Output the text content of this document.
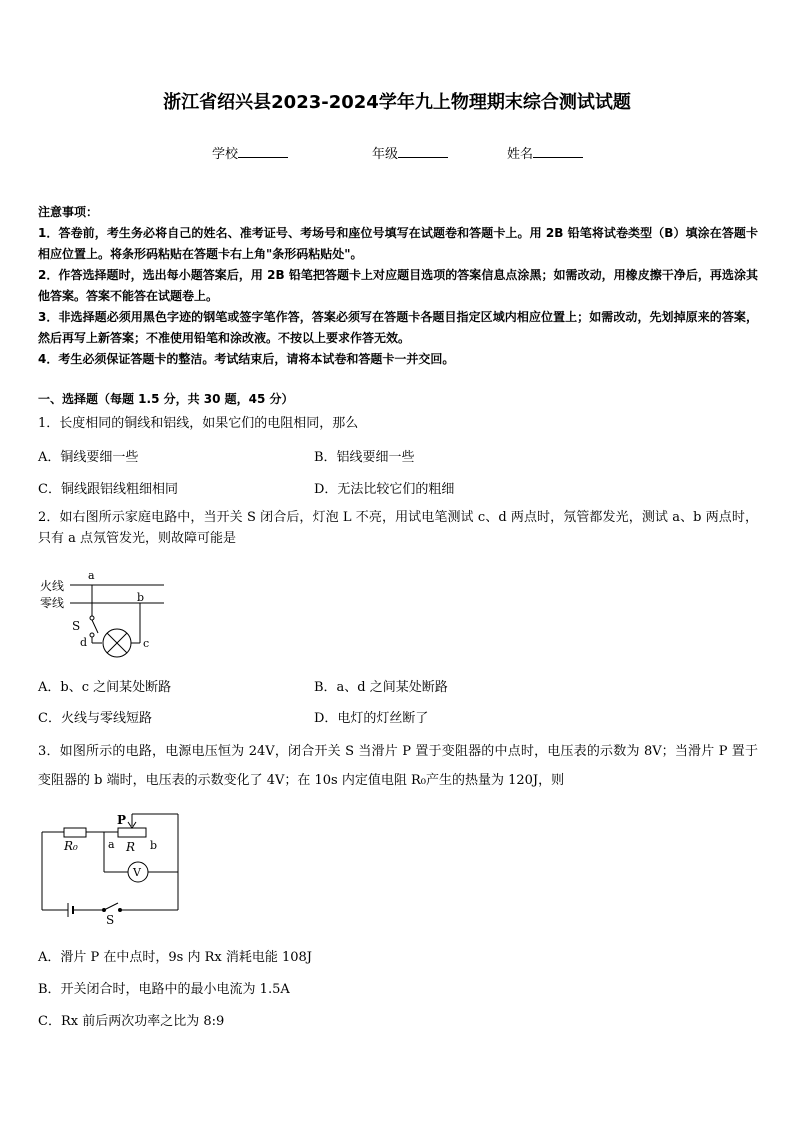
浙江省绍兴县2023-2024学年九上物理期末综合测试试题
学校	年级	姓名

注意事项：

1．答卷前，考生务必将自己的姓名、准考证号、考场号和座位号填写在试题卷和答题卡上。用 2B 铅笔将试卷类型（B）填涂在答题卡相应位置上。将条形码粘贴在答题卡右上角"条形码粘贴处"。

2．作答选择题时，选出每小题答案后，用 2B 铅笔把答题卡上对应题目选项的答案信息点涂黑；如需改动，用橡皮擦干净后，再选涂其他答案。答案不能答在试题卷上。

3．非选择题必须用黑色字迹的钢笔或签字笔作答，答案必须写在答题卡各题目指定区域内相应位置上；如需改动，先划掉原来的答案，然后再写上新答案；不准使用铅笔和涂改液。不按以上要求作答无效。

4．考生必须保证答题卡的整洁。考试结束后，请将本试卷和答题卡一并交回。

一、选择题（每题 1.5 分，共 30 题，45 分）
1．长度相同的铜线和铝线，如果它们的电阻相同，那么
A．铜线要细一些	B．铝线要细一些
C．铜线跟铝线粗细相同	D．无法比较它们的粗细

2．如右图所示家庭电路中，当开关 S 闭合后，灯泡 L 不亮，用试电笔测试 c、d 两点时，氖管都发光，测试 a、b 两点时，只有 a 点氖管发光，则故障可能是

火线
零线
a
b
S
d	c
A．b、c 之间某处断路	B．a、d 之间某处断路
C．火线与零线短路	D．电灯的灯丝断了

3．如图所示的电路，电源电压恒为 24V，闭合开关 S 当滑片 P 置于变阻器的中点时，电压表的示数为 8V；当滑片 P 置于变阻器的 b 端时，电压表的示数变化了 4V；在 10s 内定值电阻 R₀产生的热量为 120J，则

R₀
P
a R b
V
S
A．滑片 P 在中点时，9s 内 Rx 消耗电能 108J
B．开关闭合时，电路中的最小电流为 1.5A
C．Rx 前后两次功率之比为 8:9
